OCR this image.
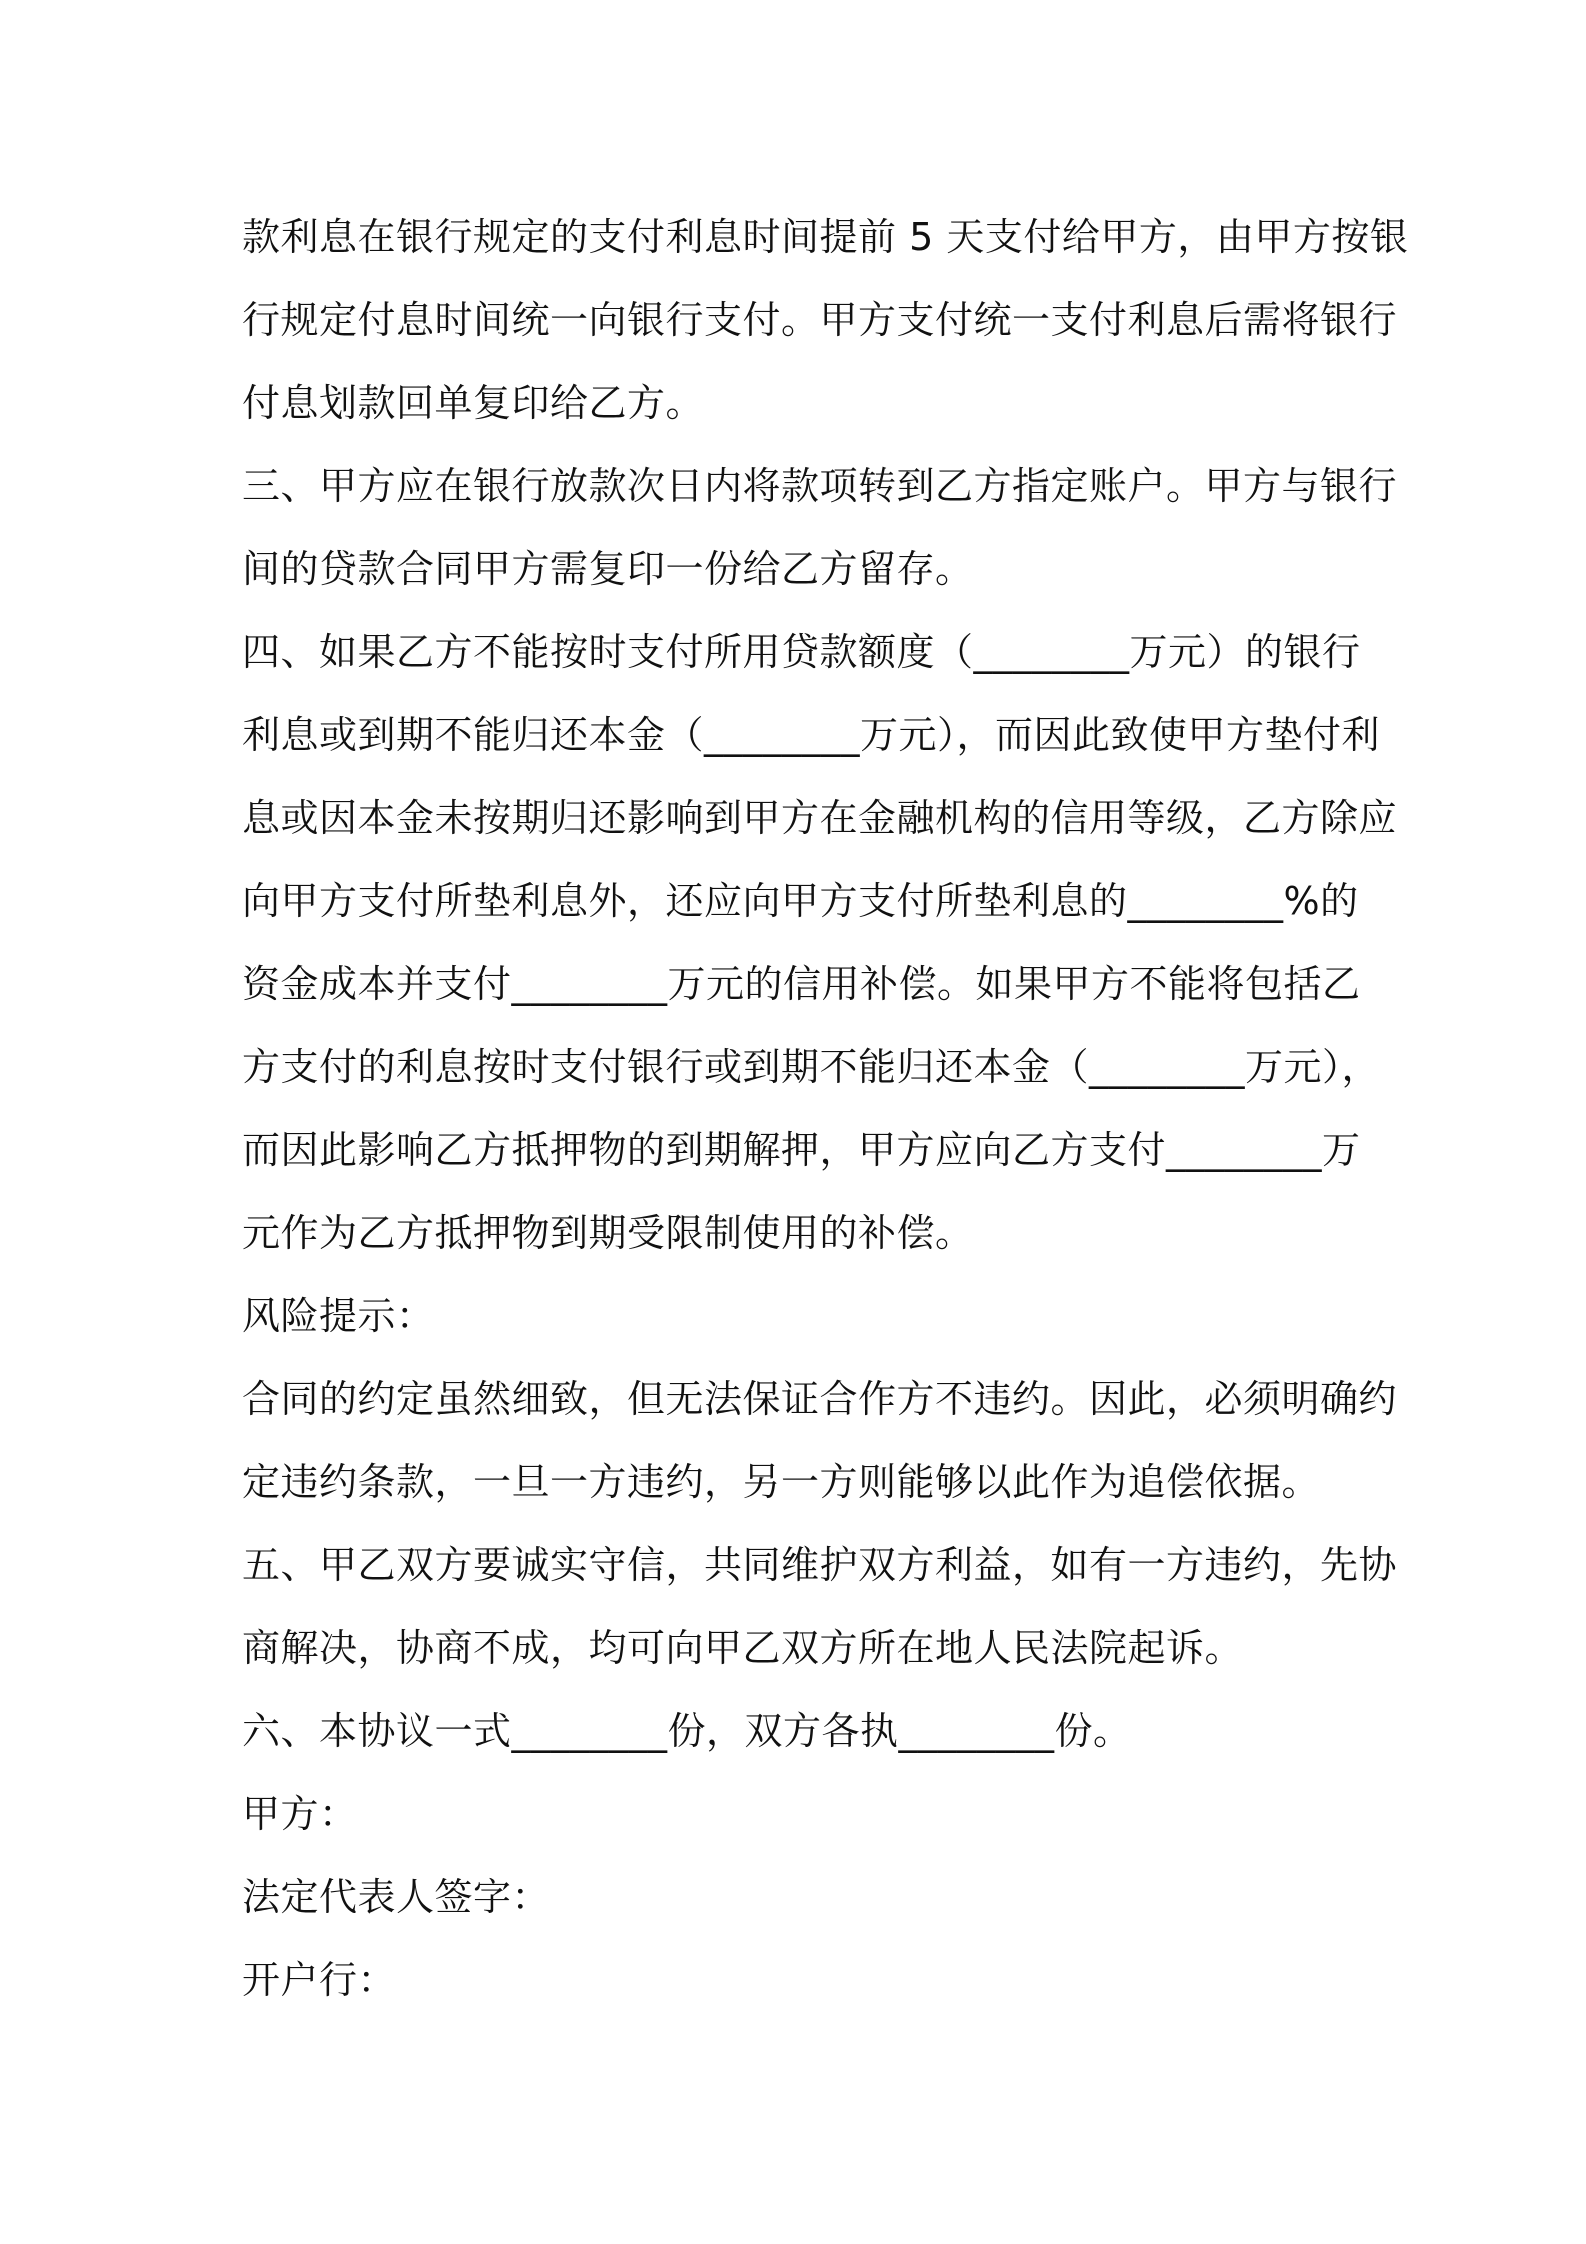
款利息在银行规定的支付利息时间提前 5 天支付给甲方，由甲方按银
行规定付息时间统一向银行支付。甲方支付统一支付利息后需将银行
付息划款回单复印给乙方。
三、甲方应在银行放款次日内将款项转到乙方指定账户。甲方与银行
间的贷款合同甲方需复印一份给乙方留存。
四、如果乙方不能按时支付所用贷款额度（________万元）的银行
利息或到期不能归还本金（________万元），而因此致使甲方垫付利
息或因本金未按期归还影响到甲方在金融机构的信用等级，乙方除应
向甲方支付所垫利息外，还应向甲方支付所垫利息的________%的
资金成本并支付________万元的信用补偿。如果甲方不能将包括乙
方支付的利息按时支付银行或到期不能归还本金（________万元），
而因此影响乙方抵押物的到期解押，甲方应向乙方支付________万
元作为乙方抵押物到期受限制使用的补偿。
风险提示：
合同的约定虽然细致，但无法保证合作方不违约。因此，必须明确约
定违约条款，一旦一方违约，另一方则能够以此作为追偿依据。
五、甲乙双方要诚实守信，共同维护双方利益，如有一方违约，先协
商解决，协商不成，均可向甲乙双方所在地人民法院起诉。
六、本协议一式________份，双方各执________份。
甲方：
法定代表人签字：
开户行：
